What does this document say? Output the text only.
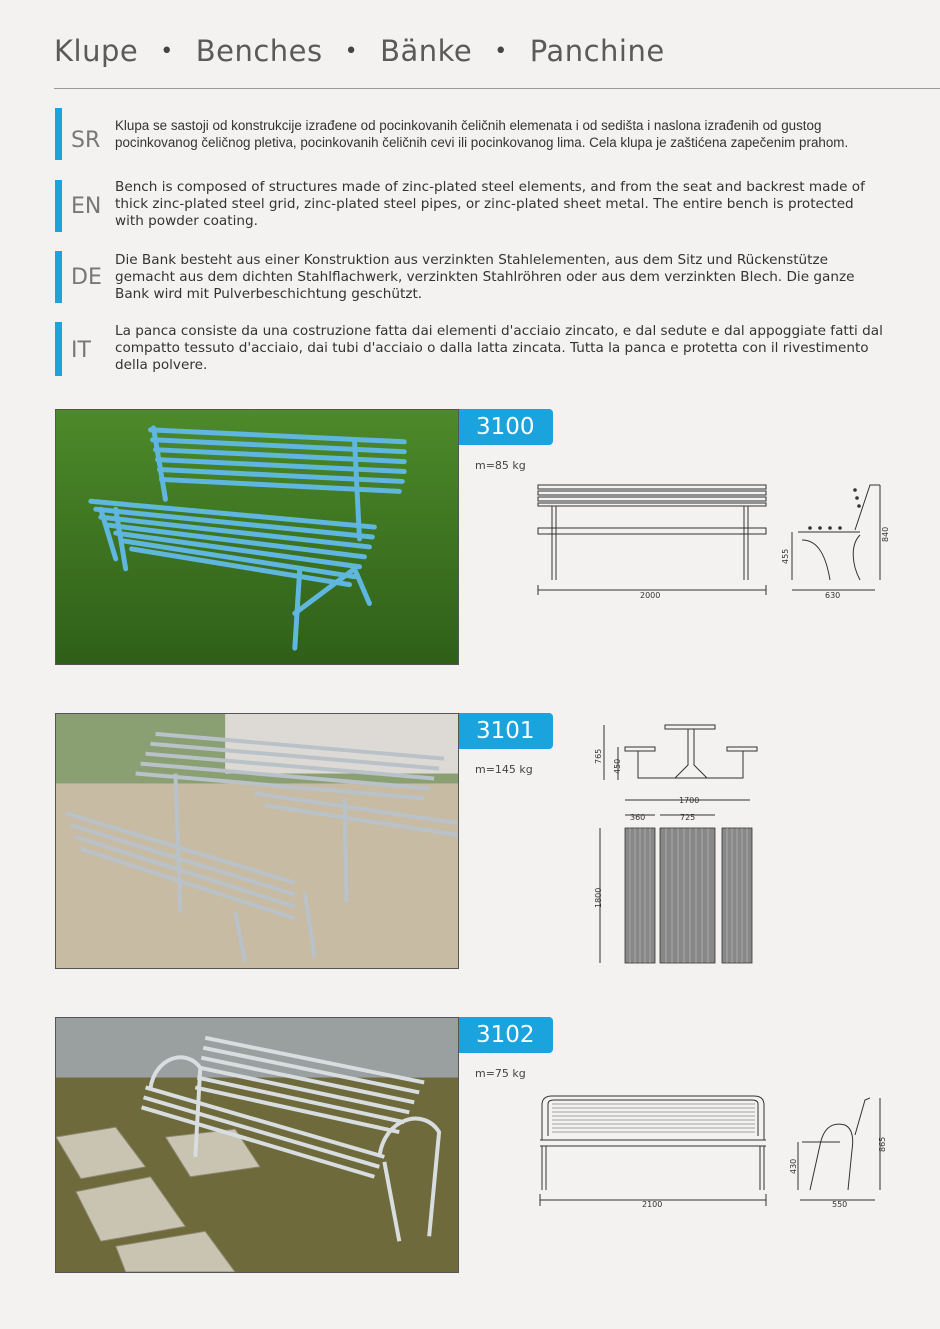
Klupe • Benches • Bänke • Panchine
SR
Klupa se sastoji od konstrukcije izrađene od pocinkovanih čeličnih elemenata i od sedišta i naslona izrađenih od gustog pocinkovanog čeličnog pletiva, pocinkovanih čeličnih cevi ili pocinkovanog lima. Cela klupa je zaštićena zapečenim prahom.
EN
Bench is composed of structures made of zinc-plated steel elements, and from the seat and backrest made of thick zinc-plated steel grid, zinc-plated steel pipes, or zinc-plated sheet metal. The entire bench is protected with powder coating.
DE
Die Bank besteht aus einer Konstruktion aus verzinkten Stahlelementen, aus dem Sitz und Rückenstütze gemacht aus dem dichten Stahlflachwerk, verzinkten Stahlröhren oder aus dem verzinkten Blech. Die ganze Bank wird mit Pulverbeschichtung geschützt.
IT
La panca consiste da una costruzione fatta dai elementi d'acciaio zincato, e dal sedute e dal appoggiate fatti dal compatto tessuto d'acciaio, dai tubi d'acciaio o dalla latta zincata. Tutta la panca e protetta con il rivestimento della polvere.
3100
m=85 kg
2000	630
455
840
3101
m=145 kg
765
450
1700
360	725
1800
3102
m=75 kg
2100	550
430
865
